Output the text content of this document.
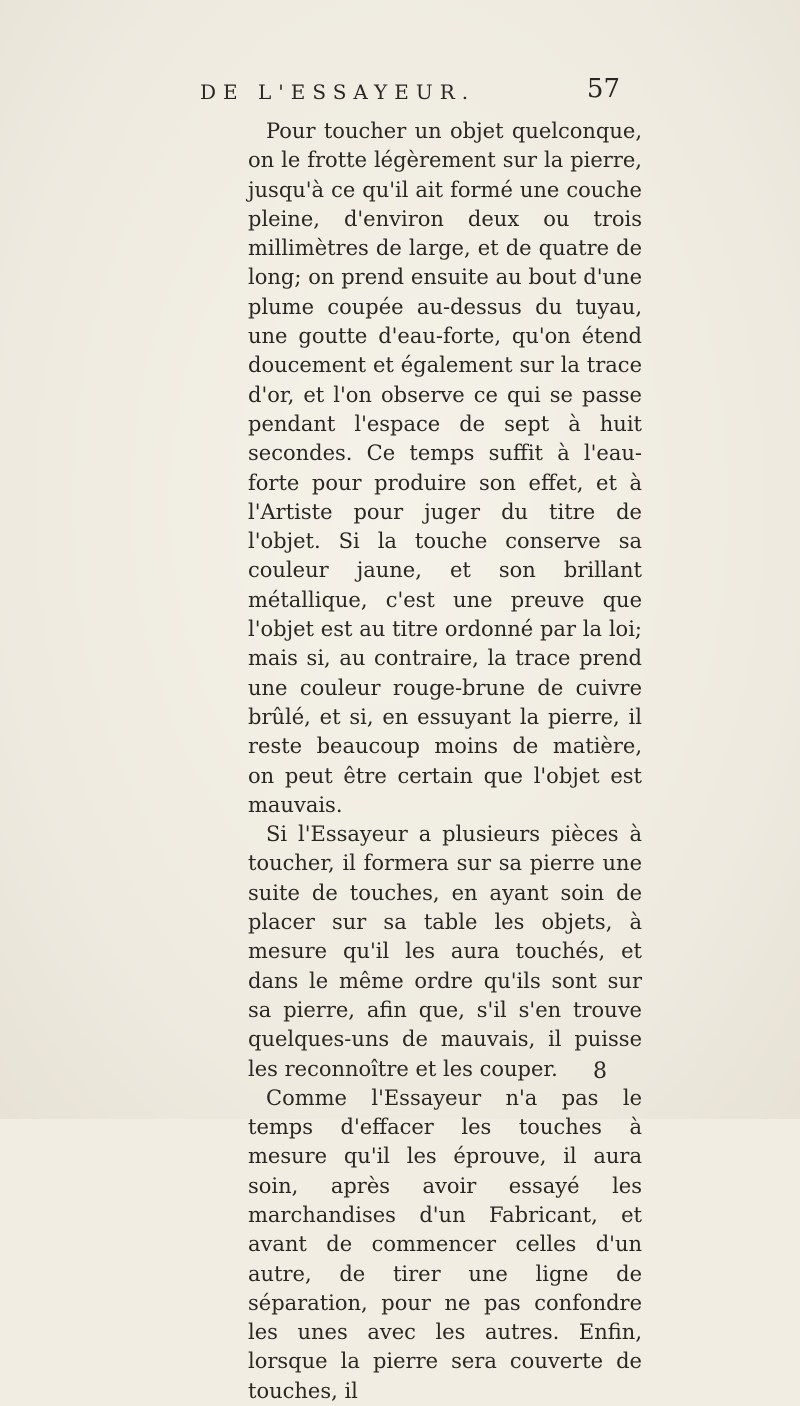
DE L'ESSAYEUR.	57

Pour toucher un objet quelconque, on le frotte légèrement sur la pierre, jusqu'à ce qu'il ait formé une couche pleine, d'environ deux ou trois millimètres de large, et de quatre de long; on prend ensuite au bout d'une plume coupée au-dessus du tuyau, une goutte d'eau-forte, qu'on étend doucement et également sur la trace d'or, et l'on observe ce qui se passe pendant l'espace de sept à huit secondes. Ce temps suffit à l'eau-forte pour produire son effet, et à l'Artiste pour juger du titre de l'objet. Si la touche conserve sa couleur jaune, et son brillant métallique, c'est une preuve que l'objet est au titre ordonné par la loi; mais si, au contraire, la trace prend une couleur rouge-brune de cuivre brûlé, et si, en essuyant la pierre, il reste beaucoup moins de matière, on peut être certain que l'objet est mauvais.

Si l'Essayeur a plusieurs pièces à toucher, il formera sur sa pierre une suite de touches, en ayant soin de placer sur sa table les objets, à mesure qu'il les aura touchés, et dans le même ordre qu'ils sont sur sa pierre, afin que, s'il s'en trouve quelques-uns de mauvais, il puisse les reconnoître et les couper.

Comme l'Essayeur n'a pas le temps d'effacer les touches à mesure qu'il les éprouve, il aura soin, après avoir essayé les marchandises d'un Fabricant, et avant de commencer celles d'un autre, de tirer une ligne de séparation, pour ne pas confondre les unes avec les autres. Enfin, lorsque la pierre sera couverte de touches, il

8
